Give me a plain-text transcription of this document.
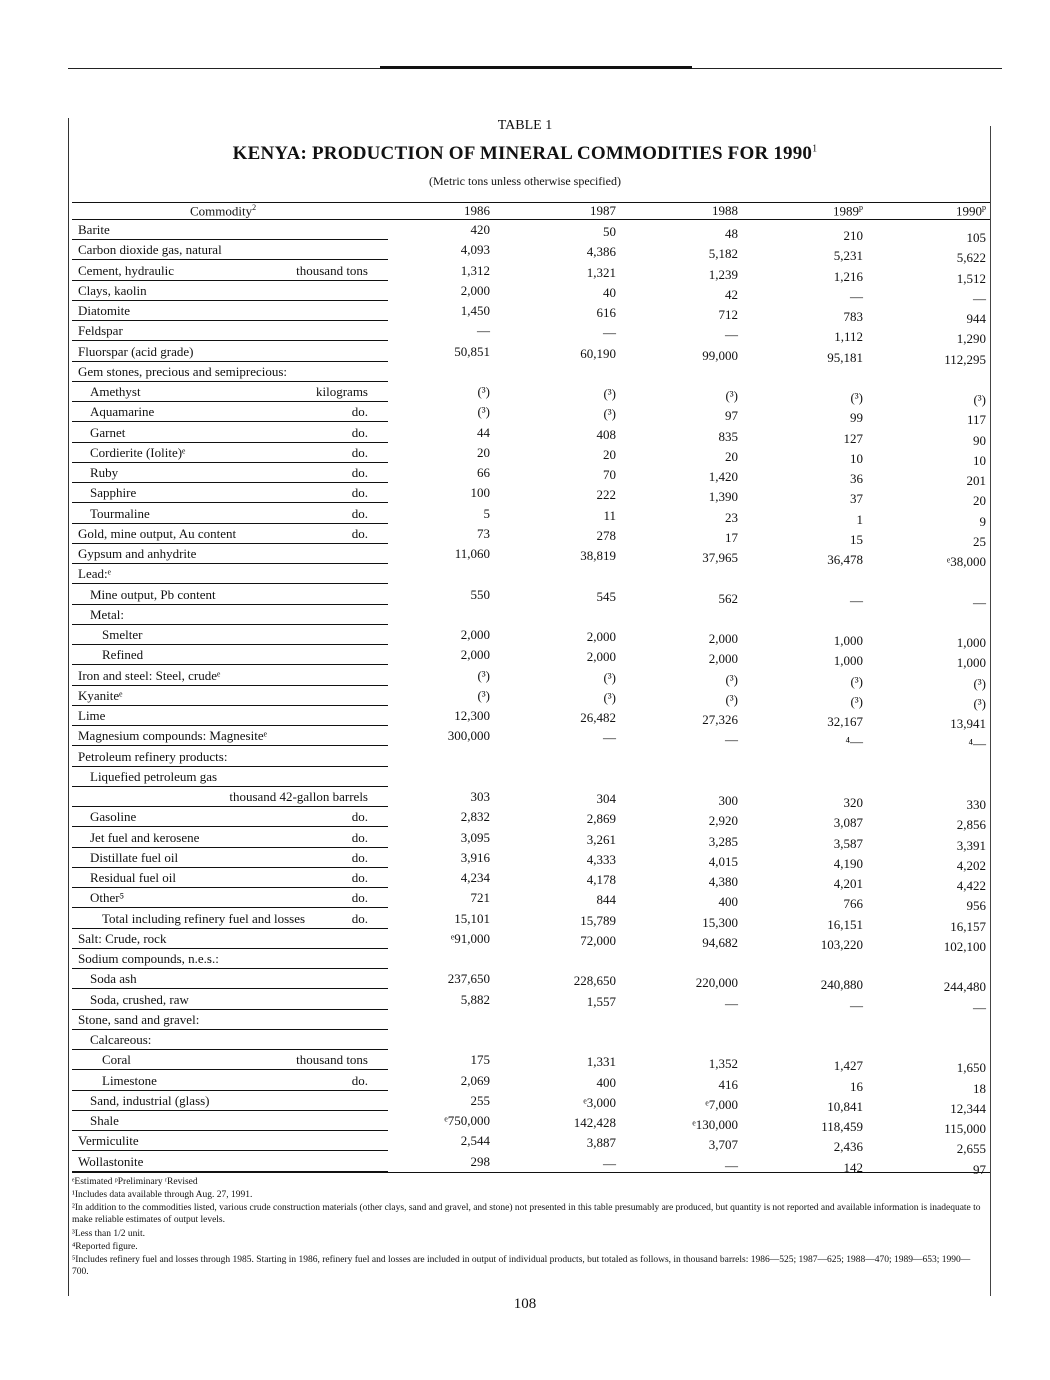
TABLE 1
KENYA: PRODUCTION OF MINERAL COMMODITIES FOR 1990$^1$
(Metric tons unless otherwise specified)
Commodity$^2$	1986	1987	1988	1989$^p$	1990$^p$
Barite	420	50	48	210	105
Carbon dioxide gas, natural	4,093	4,386	5,182	5,231	5,622
Cement, hydraulic	thousand tons	1,312	1,321	1,239	1,216	1,512
Clays, kaolin	2,000	40	42	—	—
Diatomite	1,450	616	712	783	944
Feldspar	—	—	—	1,112	1,290
Fluorspar (acid grade)	50,851	60,190	99,000	95,181	112,295
Gem stones, precious and semiprecious:
Amethyst	kilograms	(³)	(³)	(³)	(³)	(³)
Aquamarine	do.	(³)	(³)	97	99	117
Garnet	do.	44	408	835	127	90
Cordierite (Iolite)ᵉ	do.	20	20	20	10	10
Ruby	do.	66	70	1,420	36	201
Sapphire	do.	100	222	1,390	37	20
Tourmaline	do.	5	11	23	1	9
Gold, mine output, Au content	do.	73	278	17	15	25
Gypsum and anhydrite	11,060	38,819	37,965	36,478	ᵉ38,000
Lead:ᵉ
Mine output, Pb content	550	545	562	—	—
Metal:
Smelter	2,000	2,000	2,000	1,000	1,000
Refined	2,000	2,000	2,000	1,000	1,000
Iron and steel: Steel, crudeᵉ	(³)	(³)	(³)	(³)	(³)
Kyaniteᵉ	(³)	(³)	(³)	(³)	(³)
Lime	12,300	26,482	27,326	32,167	13,941
Magnesium compounds: Magnesiteᵉ	300,000	—	—	⁴—	⁴—
Petroleum refinery products:
Liquefied petroleum gas
thousand 42-gallon barrels	303	304	300	320	330
Gasoline	do.	2,832	2,869	2,920	3,087	2,856
Jet fuel and kerosene	do.	3,095	3,261	3,285	3,587	3,391
Distillate fuel oil	do.	3,916	4,333	4,015	4,190	4,202
Residual fuel oil	do.	4,234	4,178	4,380	4,201	4,422
Other⁵	do.	721	844	400	766	956
Total including refinery fuel and losses	do.	15,101	15,789	15,300	16,151	16,157
Salt: Crude, rock	ᵉ91,000	72,000	94,682	103,220	102,100
Sodium compounds, n.e.s.:
Soda ash	237,650	228,650	220,000	240,880	244,480
Soda, crushed, raw	5,882	1,557	—	—	—
Stone, sand and gravel:
Calcareous:
Coral	thousand tons	175	1,331	1,352	1,427	1,650
Limestone	do.	2,069	400	416	16	18
Sand, industrial (glass)	255	ᵉ3,000	ᵉ7,000	10,841	12,344
Shale	ᵉ750,000	142,428	ᵉ130,000	118,459	115,000
Vermiculite	2,544	3,887	3,707	2,436	2,655
Wollastonite	298	—	—	142	97
ᵉEstimated ᵖPreliminary ʳRevised
¹Includes data available through Aug. 27, 1991.
²In addition to the commodities listed, various crude construction materials (other clays, sand and gravel, and stone) not presented in this table presumably are produced, but quantity is not reported and available information is inadequate to make reliable estimates of output levels.
³Less than 1/2 unit.
⁴Reported figure.
⁵Includes refinery fuel and losses through 1985. Starting in 1986, refinery fuel and losses are included in output of individual products, but totaled as follows, in thousand barrels: 1986—525; 1987—625; 1988—470; 1989—653; 1990—700.
108
